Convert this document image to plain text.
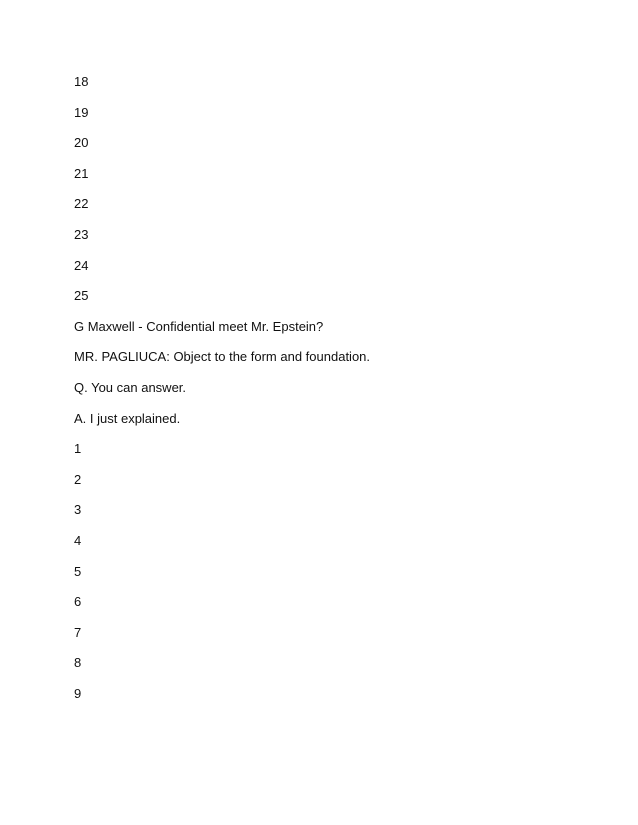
18
19
20
21
22
23
24
25
G Maxwell - Confidential meet Mr. Epstein?
MR. PAGLIUCA: Object to the form and foundation.
Q. You can answer.
A. I just explained.
1
2
3
4
5
6
7
8
9
